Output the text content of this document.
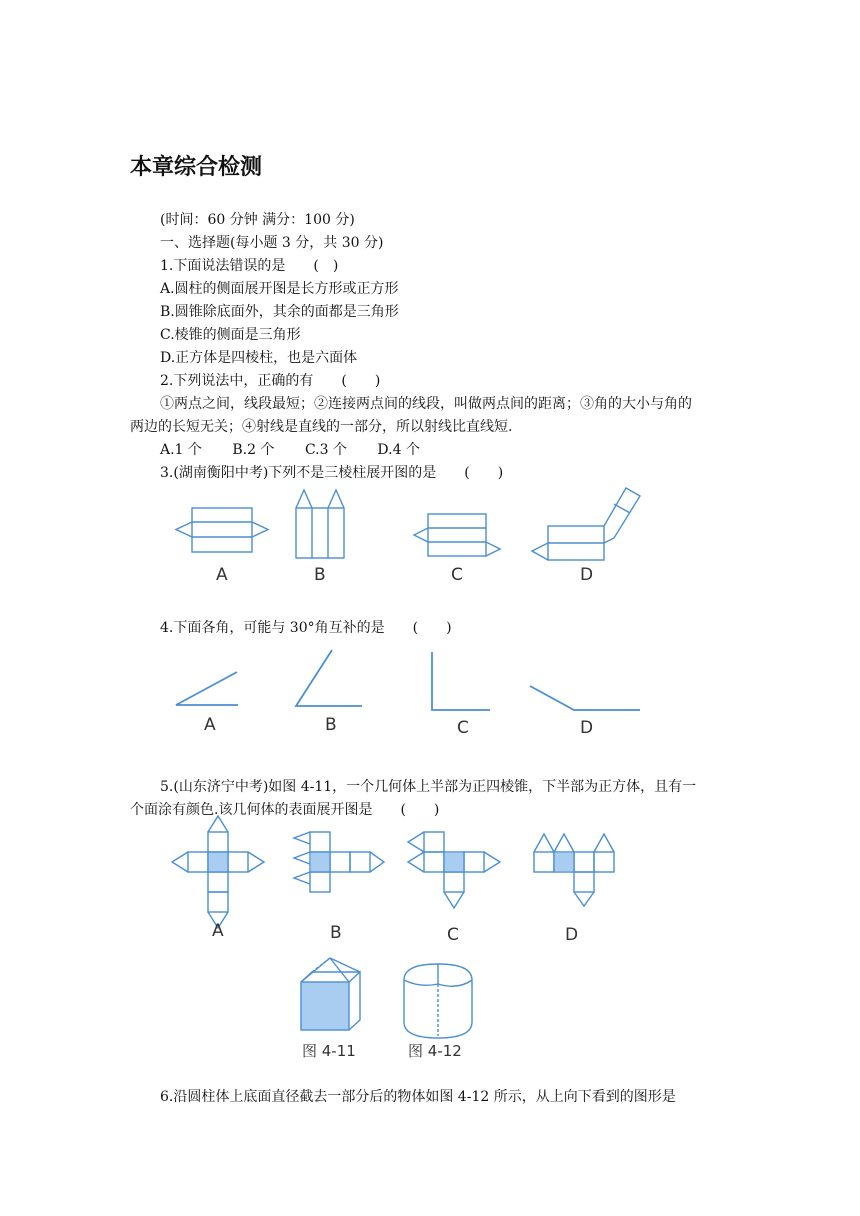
本章综合检测
(时间：60 分钟 满分：100 分)
一、选择题(每小题 3 分，共 30 分)
1.下面说法错误的是　　(　)
A.圆柱的侧面展开图是长方形或正方形
B.圆锥除底面外，其余的面都是三角形
C.棱锥的侧面是三角形
D.正方体是四棱柱，也是六面体
2.下列说法中，正确的有　　(　　)
①两点之间，线段最短；②连接两点间的线段，叫做两点间的距离；③角的大小与角的
两边的长短无关；④射线是直线的一部分，所以射线比直线短.
A.1 个 B.2 个 C.3 个 D.4 个
3.(湖南衡阳中考)下列不是三棱柱展开图的是　　(　　)
A	B	C	D
4.下面各角，可能与 30°角互补的是　　(　　)
A	B	C	D
5.(山东济宁中考)如图 4-11，一个几何体上半部为正四棱锥，下半部为正方体，且有一
个面涂有颜色.该几何体的表面展开图是　　(　　)
A	B	C	D
图 4-11	图 4-12
6.沿圆柱体上底面直径截去一部分后的物体如图 4-12 所示，从上向下看到的图形是
